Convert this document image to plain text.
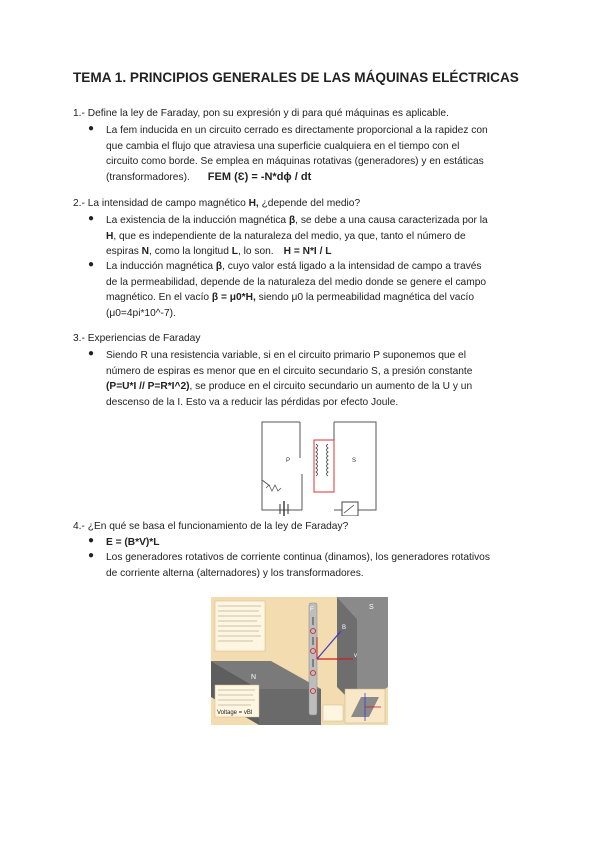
TEMA 1. PRINCIPIOS GENERALES DE LAS MÁQUINAS ELÉCTRICAS
1.- Define la ley de Faraday, pon su expresión y di para qué máquinas es aplicable.
● La fem inducida en un circuito cerrado es directamente proporcional a la rapidez con
que cambia el flujo que atraviesa una superficie cualquiera en el tiempo con el
circuito como borde. Se emplea en máquinas rotativas (generadores) y en estáticas
(transformadores). FEM (Ɛ) = -N*dϕ / dt
2.- La intensidad de campo magnético H, ¿depende del medio?
● La existencia de la inducción magnética β, se debe a una causa caracterizada por la
H, que es independiente de la naturaleza del medio, ya que, tanto el número de
espiras N, como la longitud L, lo son. H = N*I / L
● La inducción magnética β, cuyo valor está ligado a la intensidad de campo a través
de la permeabilidad, depende de la naturaleza del medio donde se genere el campo
magnético. En el vacío β = μ0*H, siendo μ0 la permeabilidad magnética del vacío
(μ0=4pi*10^-7).
3.- Experiencias de Faraday
● Siendo R una resistencia variable, si en el circuito primario P suponemos que el
número de espiras es menor que en el circuito secundario S, a presión constante
(P=U*I // P=R*I^2), se produce en el circuito secundario un aumento de la U y un
descenso de la I. Esto va a reducir las pérdidas por efecto Joule.
P	S
4.- ¿En qué se basa el funcionamiento de la ley de Faraday?
● E = (B*V)*L
● Los generadores rotativos de corriente continua (dinamos), los generadores rotativos
de corriente alterna (alternadores) y los transformadores.
S
N
F
B
v
Voltage = vBl
